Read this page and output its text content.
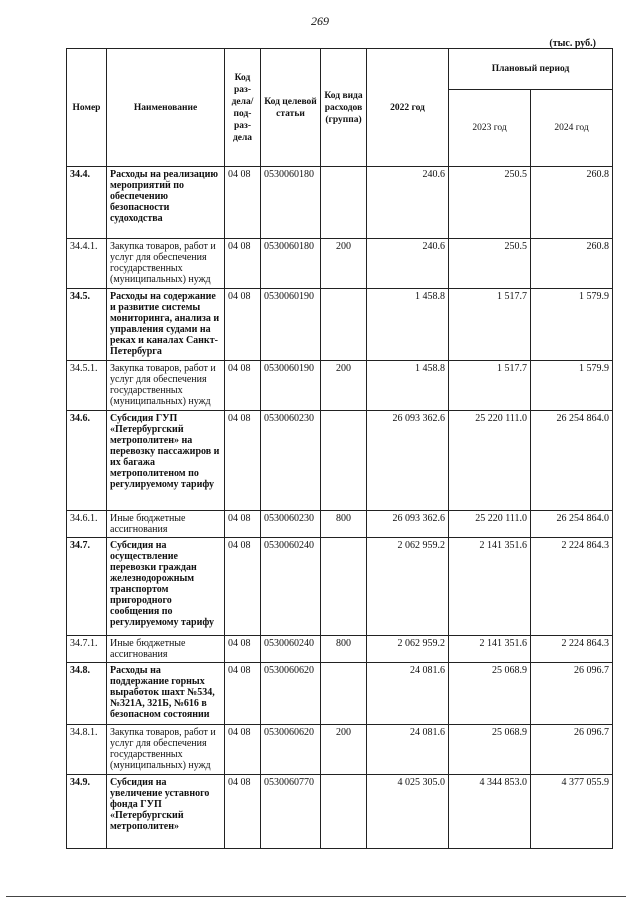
269
(тыс. руб.)
Номер	Наименование	Код раз-дела/ под-раз-дела	Код целевой статьи	Код вида расходов (группа)	2022 год	Плановый период	
						2023 год	2024 год
34.4.	Расходы на реализацию мероприятий по обеспечению безопасности судоходства	04 08	0530060180		240.6	250.5	260.8
34.4.1.	Закупка товаров, работ и услуг для обеспечения государственных (муниципальных) нужд	04 08	0530060180	200	240.6	250.5	260.8
34.5.	Расходы на содержание и развитие системы мониторинга, анализа и управления судами на реках и каналах Санкт-Петербурга	04 08	0530060190		1 458.8	1 517.7	1 579.9
34.5.1.	Закупка товаров, работ и услуг для обеспечения государственных (муниципальных) нужд	04 08	0530060190	200	1 458.8	1 517.7	1 579.9
34.6.	Субсидия ГУП «Петербургский метрополитен» на перевозку пассажиров и их багажа метрополитеном по регулируемому тарифу	04 08	0530060230		26 093 362.6	25 220 111.0	26 254 864.0
34.6.1.	Иные бюджетные ассигнования	04 08	0530060230	800	26 093 362.6	25 220 111.0	26 254 864.0
34.7.	Субсидия на осуществление перевозки граждан железнодорожным транспортом пригородного сообщения по регулируемому тарифу	04 08	0530060240		2 062 959.2	2 141 351.6	2 224 864.3
34.7.1.	Иные бюджетные ассигнования	04 08	0530060240	800	2 062 959.2	2 141 351.6	2 224 864.3
34.8.	Расходы на поддержание горных выработок шахт №534, №321А, 321Б, №616 в безопасном состоянии	04 08	0530060620		24 081.6	25 068.9	26 096.7
34.8.1.	Закупка товаров, работ и услуг для обеспечения государственных (муниципальных) нужд	04 08	0530060620	200	24 081.6	25 068.9	26 096.7
34.9.	Субсидия на увеличение уставного фонда ГУП «Петербургский метрополитен»	04 08	0530060770		4 025 305.0	4 344 853.0	4 377 055.9
